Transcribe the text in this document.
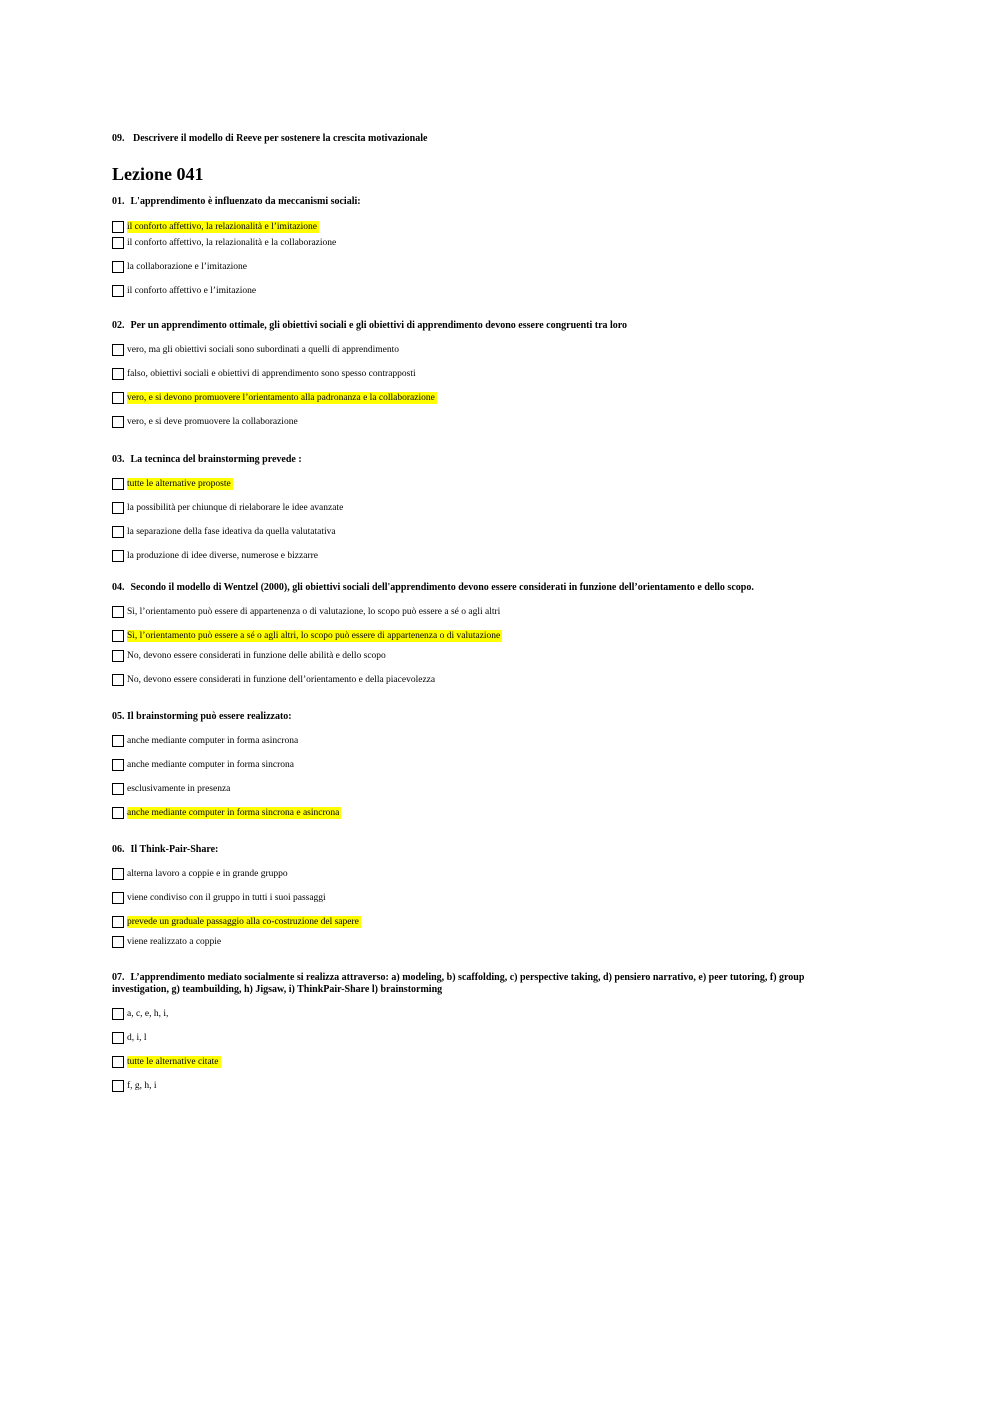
09. Descrivere il modello di Reeve per sostenere la crescita motivazionale
Lezione 041
01. L'apprendimento è influenzato da meccanismi sociali:
il conforto affettivo, la relazionalità e l’imitazione
il conforto affettivo, la relazionalità e la collaborazione
la collaborazione e l’imitazione
il conforto affettivo e l’imitazione
02. Per un apprendimento ottimale, gli obiettivi sociali e gli obiettivi di apprendimento devono essere congruenti tra loro
vero, ma gli obiettivi sociali sono subordinati a quelli di apprendimento
falso, obiettivi sociali e obiettivi di apprendimento sono spesso contrapposti
vero, e si devono promuovere l’orientamento alla padronanza e la collaborazione
vero, e si deve promuovere la collaborazione
03. La tecninca del brainstorming prevede :
tutte le alternative proposte
la possibilità per chiunque di rielaborare le idee avanzate
la separazione della fase ideativa da quella valutatativa
la produzione di idee diverse, numerose e bizzarre
04. Secondo il modello di Wentzel (2000), gli obiettivi sociali dell'apprendimento devono essere considerati in funzione dell’orientamento e dello scopo.
Sì, l’orientamento può essere di appartenenza o di valutazione, lo scopo può essere a sé o agli altri
Sì, l’orientamento può essere a sé o agli altri, lo scopo può essere di appartenenza o di valutazione
No, devono essere considerati in funzione delle abilità e dello scopo
No, devono essere considerati in funzione dell’orientamento e della piacevolezza
05. Il brainstorming può essere realizzato:
anche mediante computer in forma asincrona
anche mediante computer in forma sincrona
esclusivamente in presenza
anche mediante computer in forma sincrona e asincrona
06. Il Think-Pair-Share:
alterna lavoro a coppie e in grande gruppo
viene condiviso con il gruppo in tutti i suoi passaggi
prevede un graduale passaggio alla co-costruzione del sapere
viene realizzato a coppie
07. L’apprendimento mediato socialmente si realizza attraverso: a) modeling, b) scaffolding, c) perspective taking, d) pensiero narrativo, e) peer tutoring, f) group investigation, g) teambuilding, h) Jigsaw, i) ThinkPair-Share l) brainstorming
a, c, e, h, i,
d, i, l
tutte le alternative citate
f, g, h, i
